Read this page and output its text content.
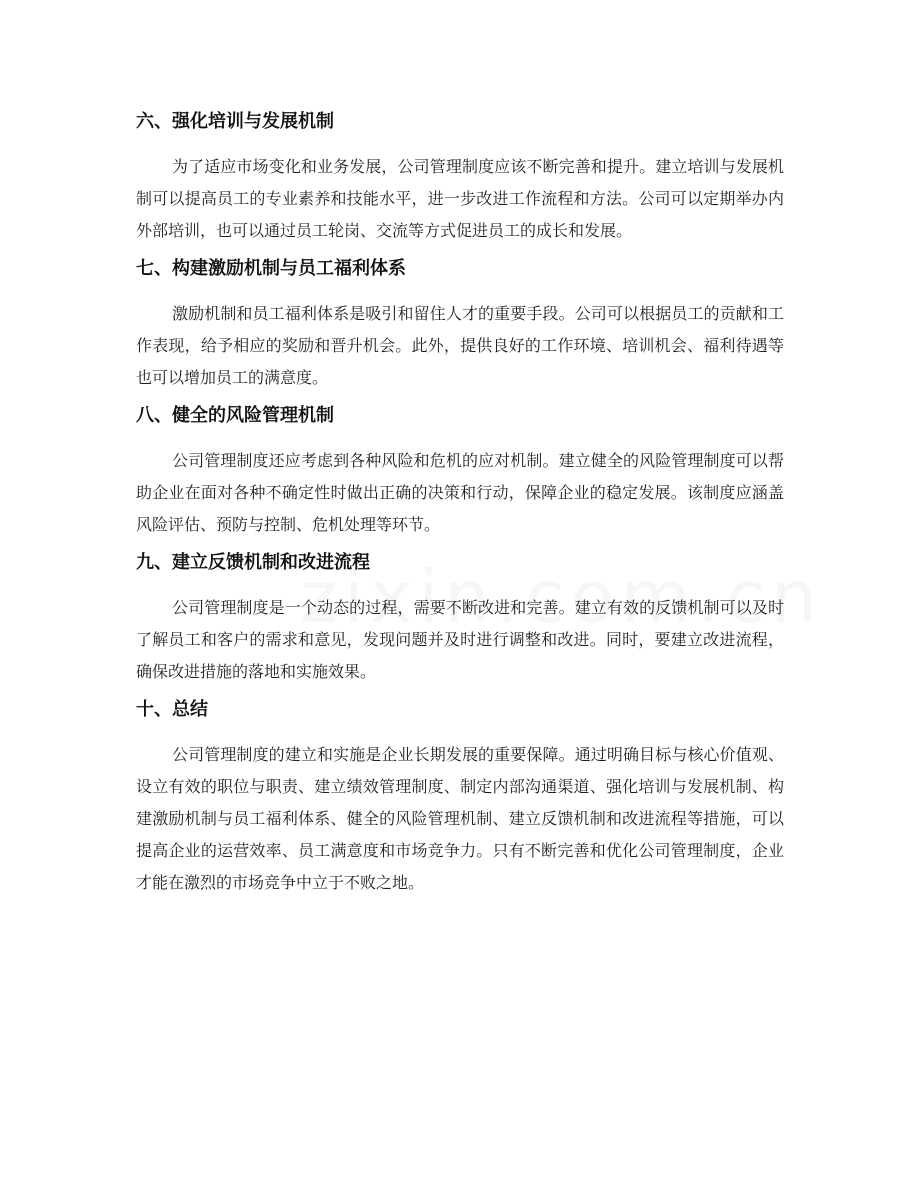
六、强化培训与发展机制

为了适应市场变化和业务发展，公司管理制度应该不断完善和提升。建立培训与发展机制可以提高员工的专业素养和技能水平，进一步改进工作流程和方法。公司可以定期举办内外部培训，也可以通过员工轮岗、交流等方式促进员工的成长和发展。

七、构建激励机制与员工福利体系

激励机制和员工福利体系是吸引和留住人才的重要手段。公司可以根据员工的贡献和工作表现，给予相应的奖励和晋升机会。此外，提供良好的工作环境、培训机会、福利待遇等也可以增加员工的满意度。

八、健全的风险管理机制

公司管理制度还应考虑到各种风险和危机的应对机制。建立健全的风险管理制度可以帮助企业在面对各种不确定性时做出正确的决策和行动，保障企业的稳定发展。该制度应涵盖风险评估、预防与控制、危机处理等环节。

九、建立反馈机制和改进流程

公司管理制度是一个动态的过程，需要不断改进和完善。建立有效的反馈机制可以及时了解员工和客户的需求和意见，发现问题并及时进行调整和改进。同时，要建立改进流程，确保改进措施的落地和实施效果。

十、总结

公司管理制度的建立和实施是企业长期发展的重要保障。通过明确目标与核心价值观、设立有效的职位与职责、建立绩效管理制度、制定内部沟通渠道、强化培训与发展机制、构建激励机制与员工福利体系、健全的风险管理机制、建立反馈机制和改进流程等措施，可以提高企业的运营效率、员工满意度和市场竞争力。只有不断完善和优化公司管理制度，企业才能在激烈的市场竞争中立于不败之地。
